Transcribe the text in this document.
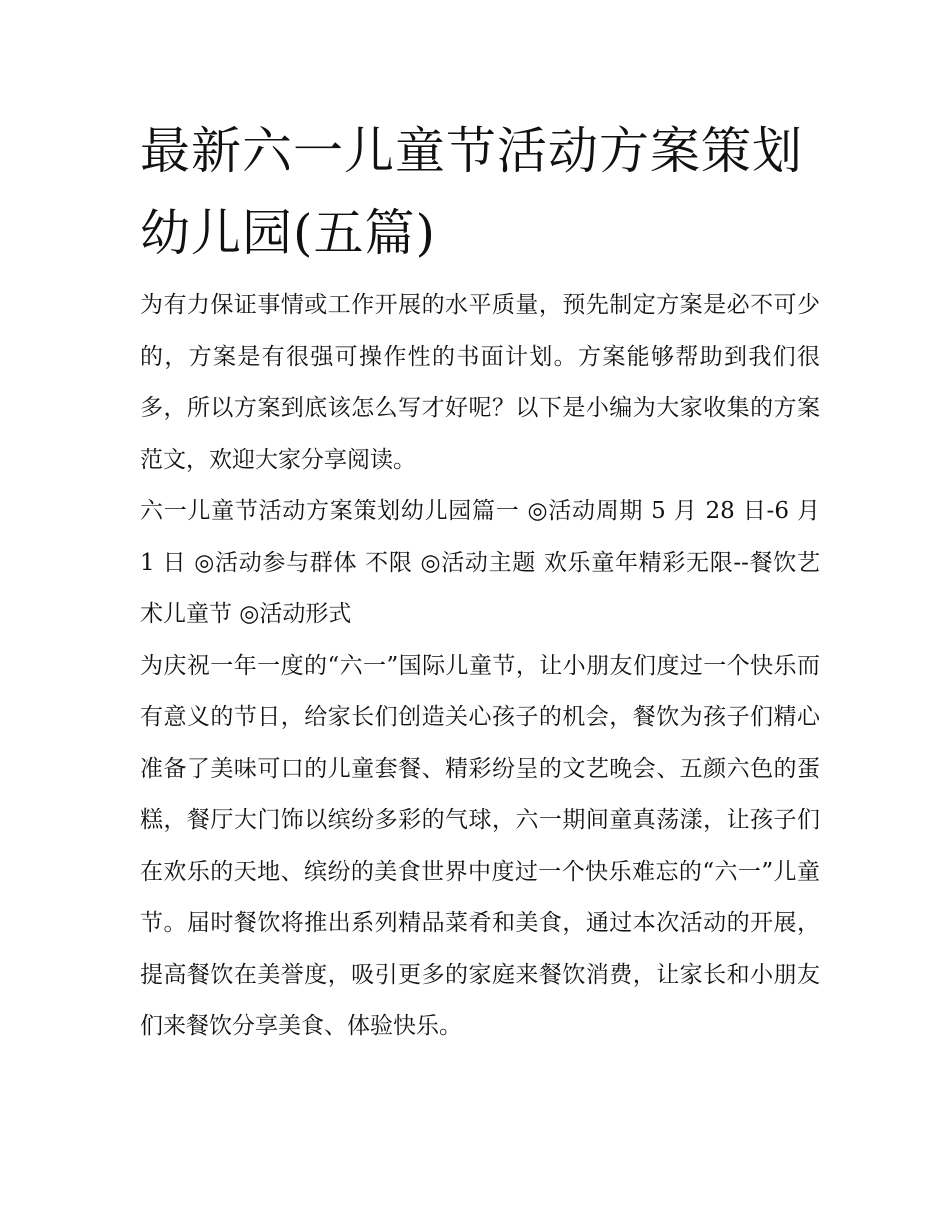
最新六一儿童节活动方案策划幼儿园(五篇)

为有力保证事情或工作开展的水平质量，预先制定方案是必不可少的，方案是有很强可操作性的书面计划。方案能够帮助到我们很多，所以方案到底该怎么写才好呢？以下是小编为大家收集的方案范文，欢迎大家分享阅读。

六一儿童节活动方案策划幼儿园篇一 ◎活动周期 5 月 28 日-6 月 1 日 ◎活动参与群体 不限 ◎活动主题 欢乐童年精彩无限--餐饮艺术儿童节 ◎活动形式

为庆祝一年一度的“六一”国际儿童节，让小朋友们度过一个快乐而有意义的节日，给家长们创造关心孩子的机会，餐饮为孩子们精心准备了美味可口的儿童套餐、精彩纷呈的文艺晚会、五颜六色的蛋糕，餐厅大门饰以缤纷多彩的气球，六一期间童真荡漾，让孩子们在欢乐的天地、缤纷的美食世界中度过一个快乐难忘的“六一”儿童节。届时餐饮将推出系列精品菜肴和美食，通过本次活动的开展，提高餐饮在美誉度，吸引更多的家庭来餐饮消费，让家长和小朋友们来餐饮分享美食、体验快乐。
